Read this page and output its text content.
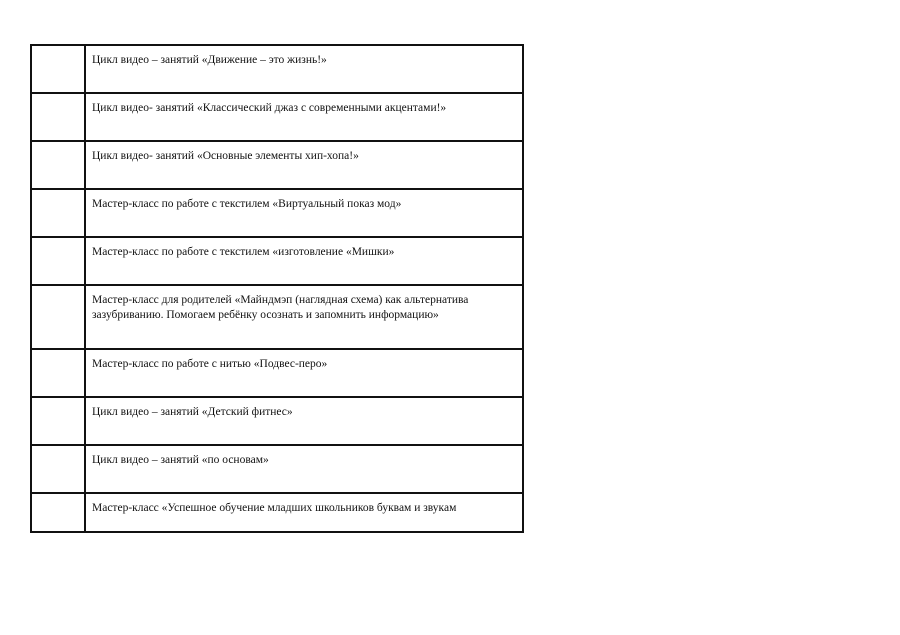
	Цикл видео – занятий «Движение – это жизнь!»
	Цикл видео- занятий «Классический джаз с современными акцентами!»
	Цикл видео- занятий «Основные элементы хип-хопа!»
	Мастер-класс по работе с текстилем «Виртуальный показ мод»
	Мастер-класс по работе с текстилем «изготовление «Мишки»
	Мастер-класс для родителей «Майндмэп (наглядная схема) как альтернатива зазубриванию. Помогаем ребёнку осознать и запомнить информацию»
	Мастер-класс по работе с нитью «Подвес-перо»
	Цикл видео – занятий «Детский фитнес»
	Цикл видео – занятий «по основам»
	Мастер-класс «Успешное обучение младших школьников буквам и звукам
